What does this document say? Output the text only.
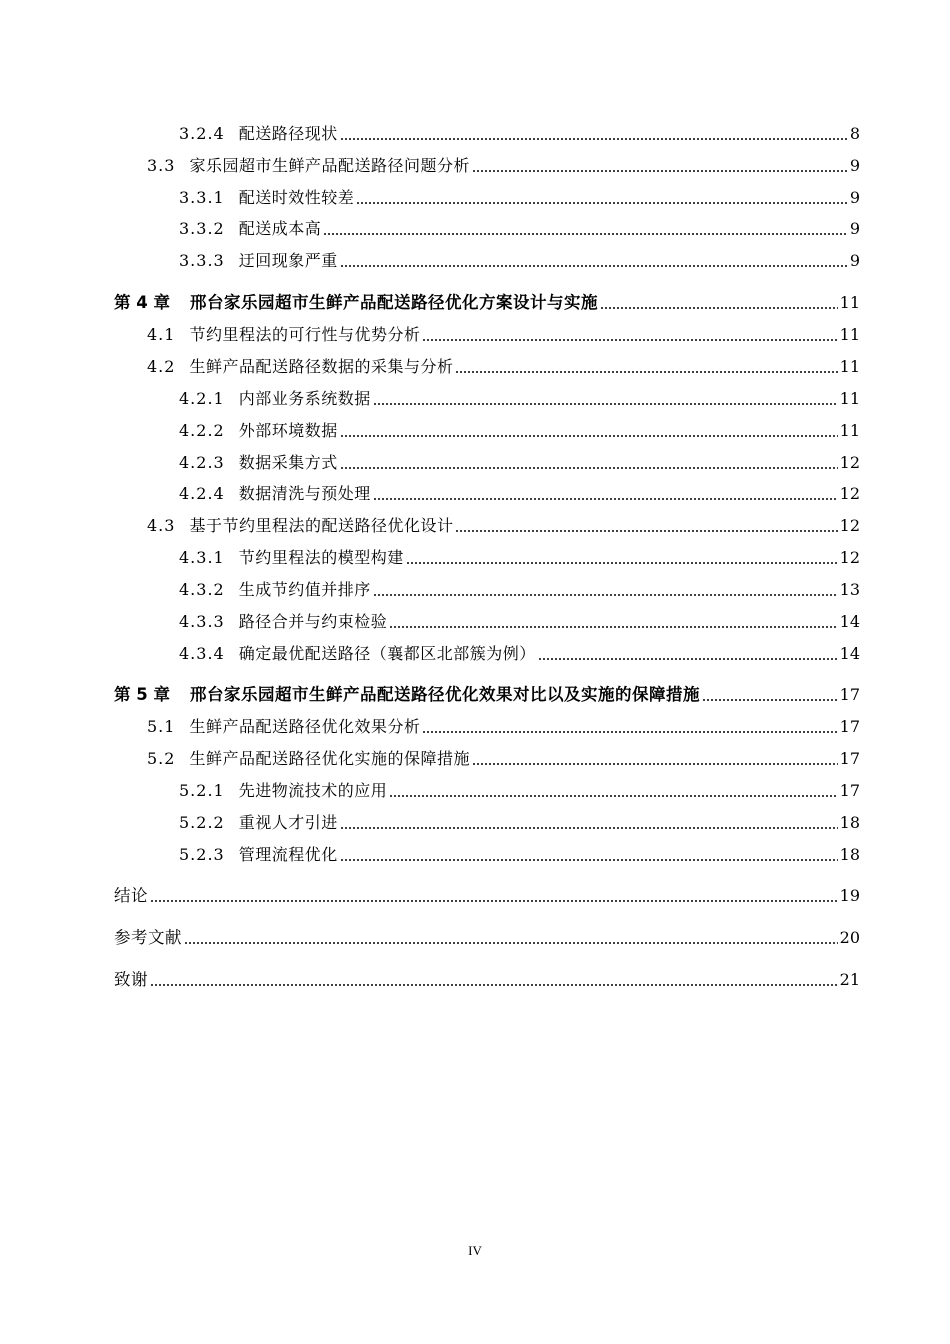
3.2.4 配送路径现状	8
3.3 家乐园超市生鲜产品配送路径问题分析	9
3.3.1 配送时效性较差	9
3.3.2 配送成本高	9
3.3.3 迂回现象严重	9
第 4 章 邢台家乐园超市生鲜产品配送路径优化方案设计与实施	11
4.1 节约里程法的可行性与优势分析	11
4.2 生鲜产品配送路径数据的采集与分析	11
4.2.1 内部业务系统数据	11
4.2.2 外部环境数据	11
4.2.3 数据采集方式	12
4.2.4 数据清洗与预处理	12
4.3 基于节约里程法的配送路径优化设计	12
4.3.1 节约里程法的模型构建	12
4.3.2 生成节约值并排序	13
4.3.3 路径合并与约束检验	14
4.3.4 确定最优配送路径（襄都区北部簇为例）	14
第 5 章 邢台家乐园超市生鲜产品配送路径优化效果对比以及实施的保障措施	17
5.1 生鲜产品配送路径优化效果分析	17
5.2 生鲜产品配送路径优化实施的保障措施	17
5.2.1 先进物流技术的应用	17
5.2.2 重视人才引进	18
5.2.3 管理流程优化	18
结论	19
参考文献	20
致谢	21
IV
